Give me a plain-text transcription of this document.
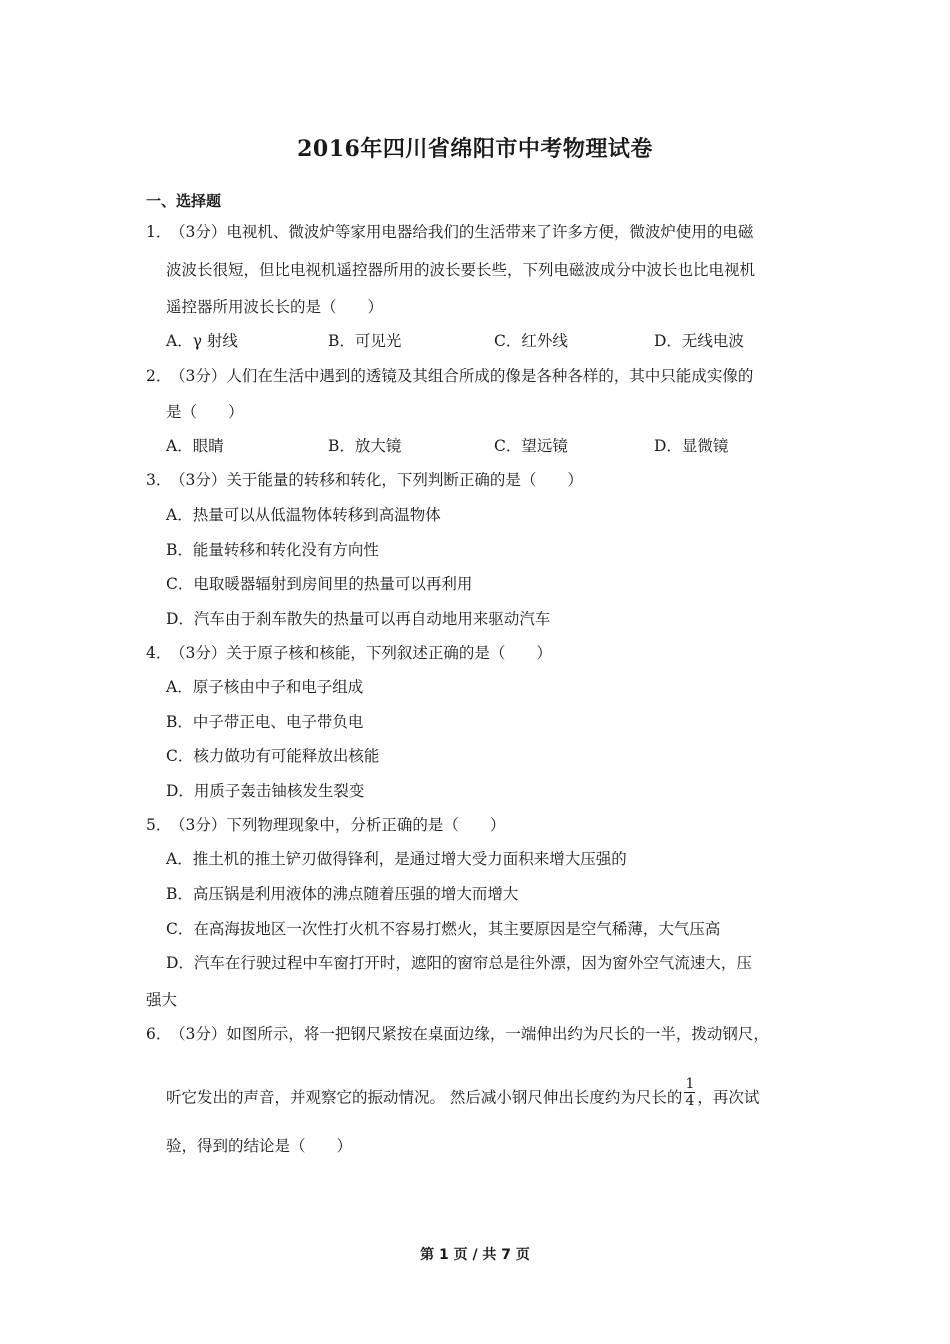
2016年四川省绵阳市中考物理试卷
一、选择题
1．（3分）电视机、微波炉等家用电器给我们的生活带来了许多方便，微波炉使用的电磁
波波长很短，但比电视机遥控器所用的波长要长些，下列电磁波成分中波长也比电视机
遥控器所用波长长的是（　　）
A．γ 射线	B．可见光	C．红外线	D．无线电波
2．（3分）人们在生活中遇到的透镜及其组合所成的像是各种各样的，其中只能成实像的
是（　　）
A．眼睛	B．放大镜	C．望远镜	D．显微镜
3．（3分）关于能量的转移和转化，下列判断正确的是（　　）
A．热量可以从低温物体转移到高温物体
B．能量转移和转化没有方向性
C．电取暖器辐射到房间里的热量可以再利用
D．汽车由于刹车散失的热量可以再自动地用来驱动汽车
4．（3分）关于原子核和核能，下列叙述正确的是（　　）
A．原子核由中子和电子组成
B．中子带正电、电子带负电
C．核力做功有可能释放出核能
D．用质子轰击铀核发生裂变
5．（3分）下列物理现象中，分析正确的是（　　）
A．推土机的推土铲刃做得锋利，是通过增大受力面积来增大压强的
B．高压锅是利用液体的沸点随着压强的增大而增大
C．在高海拔地区一次性打火机不容易打燃火，其主要原因是空气稀薄，大气压高
D．汽车在行驶过程中车窗打开时，遮阳的窗帘总是往外漂，因为窗外空气流速大，压
强大
6．（3分）如图所示，将一把钢尺紧按在桌面边缘，一端伸出约为尺长的一半，拨动钢尺，
听它发出的声音，并观察它的振动情况。 然后减小钢尺伸出长度约为尺长的 $\frac{1}{4}$ ，再次试
验，得到的结论是（　　）
第 1 页 / 共 7 页
